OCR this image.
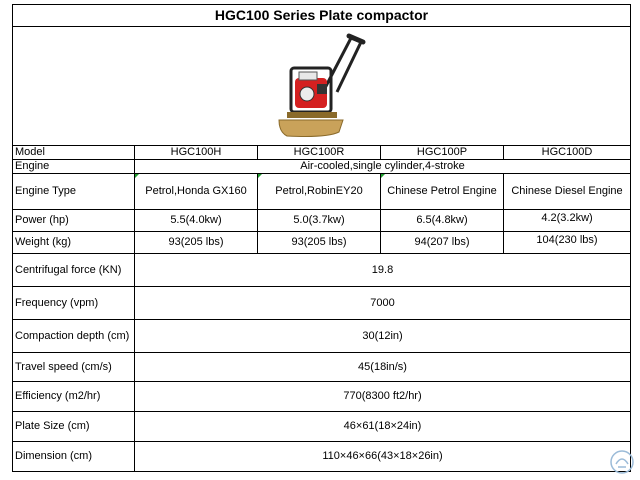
HGC100 Series Plate compactor				

Model	HGC100H	HGC100R	HGC100P	HGC100D
Engine	Air-cooled,single cylinder,4-stroke			
Engine Type	Petrol,Honda GX160	Petrol,RobinEY20	Chinese Petrol Engine	Chinese Diesel Engine
Power (hp)	5.5(4.0kw)	5.0(3.7kw)	6.5(4.8kw)	4.2(3.2kw)
Weight (kg)	93(205 lbs)	93(205 lbs)	94(207 lbs)	104(230 lbs)
Centrifugal force (KN)	19.8			
Frequency (vpm)	7000			
Compaction depth (cm)	30(12in)			
Travel speed (cm/s)	45(18in/s)			
Efficiency (m2/hr)	770(8300 ft2/hr)			
Plate Size (cm)	46×61(18×24in)			
Dimension (cm)	110×46×66(43×18×26in)			
